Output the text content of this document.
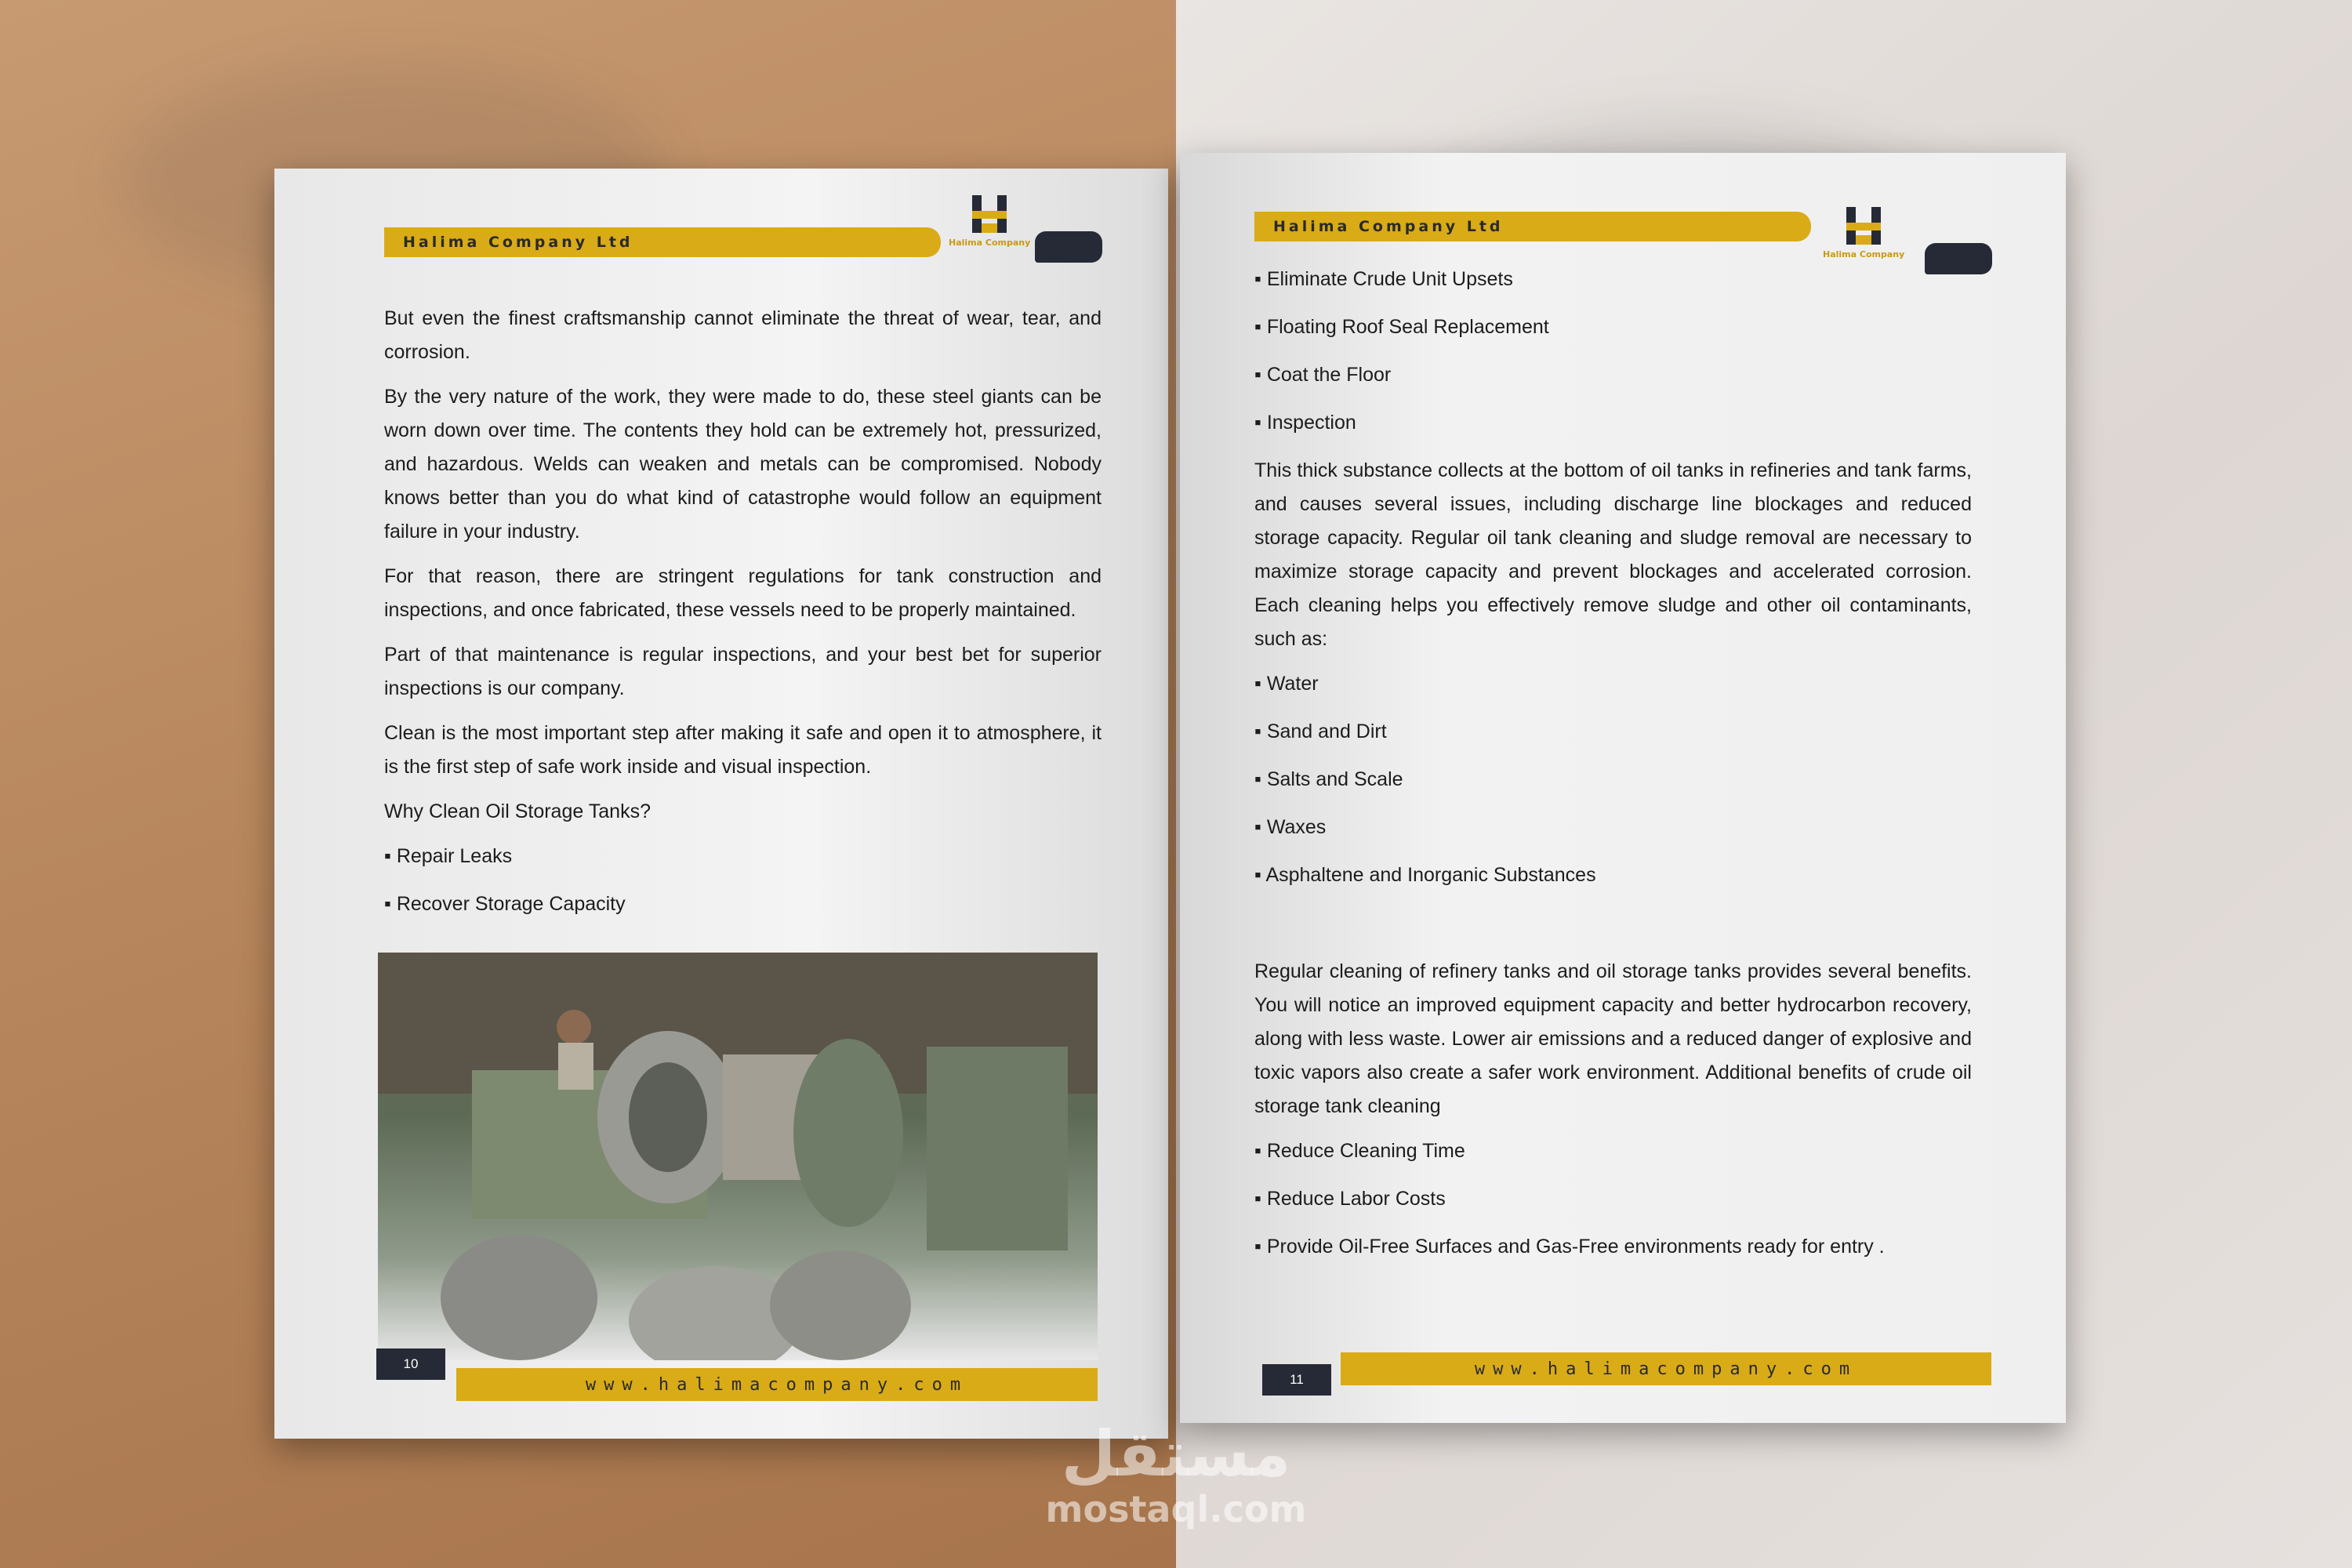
Halima Company Ltd	Halima Company

But even the finest craftsmanship cannot eliminate the threat of wear, tear, and corrosion.

By the very nature of the work, they were made to do, these steel giants can be worn down over time. The contents they hold can be extremely hot, pressurized, and hazardous. Welds can weaken and metals can be compromised. Nobody knows better than you do what kind of catastrophe would follow an equipment failure in your industry.

For that reason, there are stringent regulations for tank construction and inspections, and once fabricated, these vessels need to be properly maintained.

Part of that maintenance is regular inspections, and your best bet for superior inspections is our company.

Clean is the most important step after making it safe and open it to atmosphere, it is the first step of safe work inside and visual inspection.

Why Clean Oil Storage Tanks?

▪ Repair Leaks

▪ Recover Storage Capacity

10
www.halimacompany.com
Halima Company Ltd
Halima Company

▪ Eliminate Crude Unit Upsets

▪ Floating Roof Seal Replacement

▪ Coat the Floor

▪ Inspection

This thick substance collects at the bottom of oil tanks in refineries and tank farms, and causes several issues, including discharge line blockages and reduced storage capacity. Regular oil tank cleaning and sludge removal are necessary to maximize storage capacity and prevent blockages and accelerated corrosion. Each cleaning helps you effectively remove sludge and other oil contaminants, such as:

▪ Water

▪ Sand and Dirt

▪ Salts and Scale

▪ Waxes

▪ Asphaltene and Inorganic Substances

Regular cleaning of refinery tanks and oil storage tanks provides several benefits. You will notice an improved equipment capacity and better hydrocarbon recovery, along with less waste. Lower air emissions and a reduced danger of explosive and toxic vapors also create a safer work environment. Additional benefits of crude oil storage tank cleaning

▪ Reduce Cleaning Time

▪ Reduce Labor Costs

▪ Provide Oil-Free Surfaces and Gas-Free environments ready for entry .

11
www.halimacompany.com
مستقل
mostaql.com
